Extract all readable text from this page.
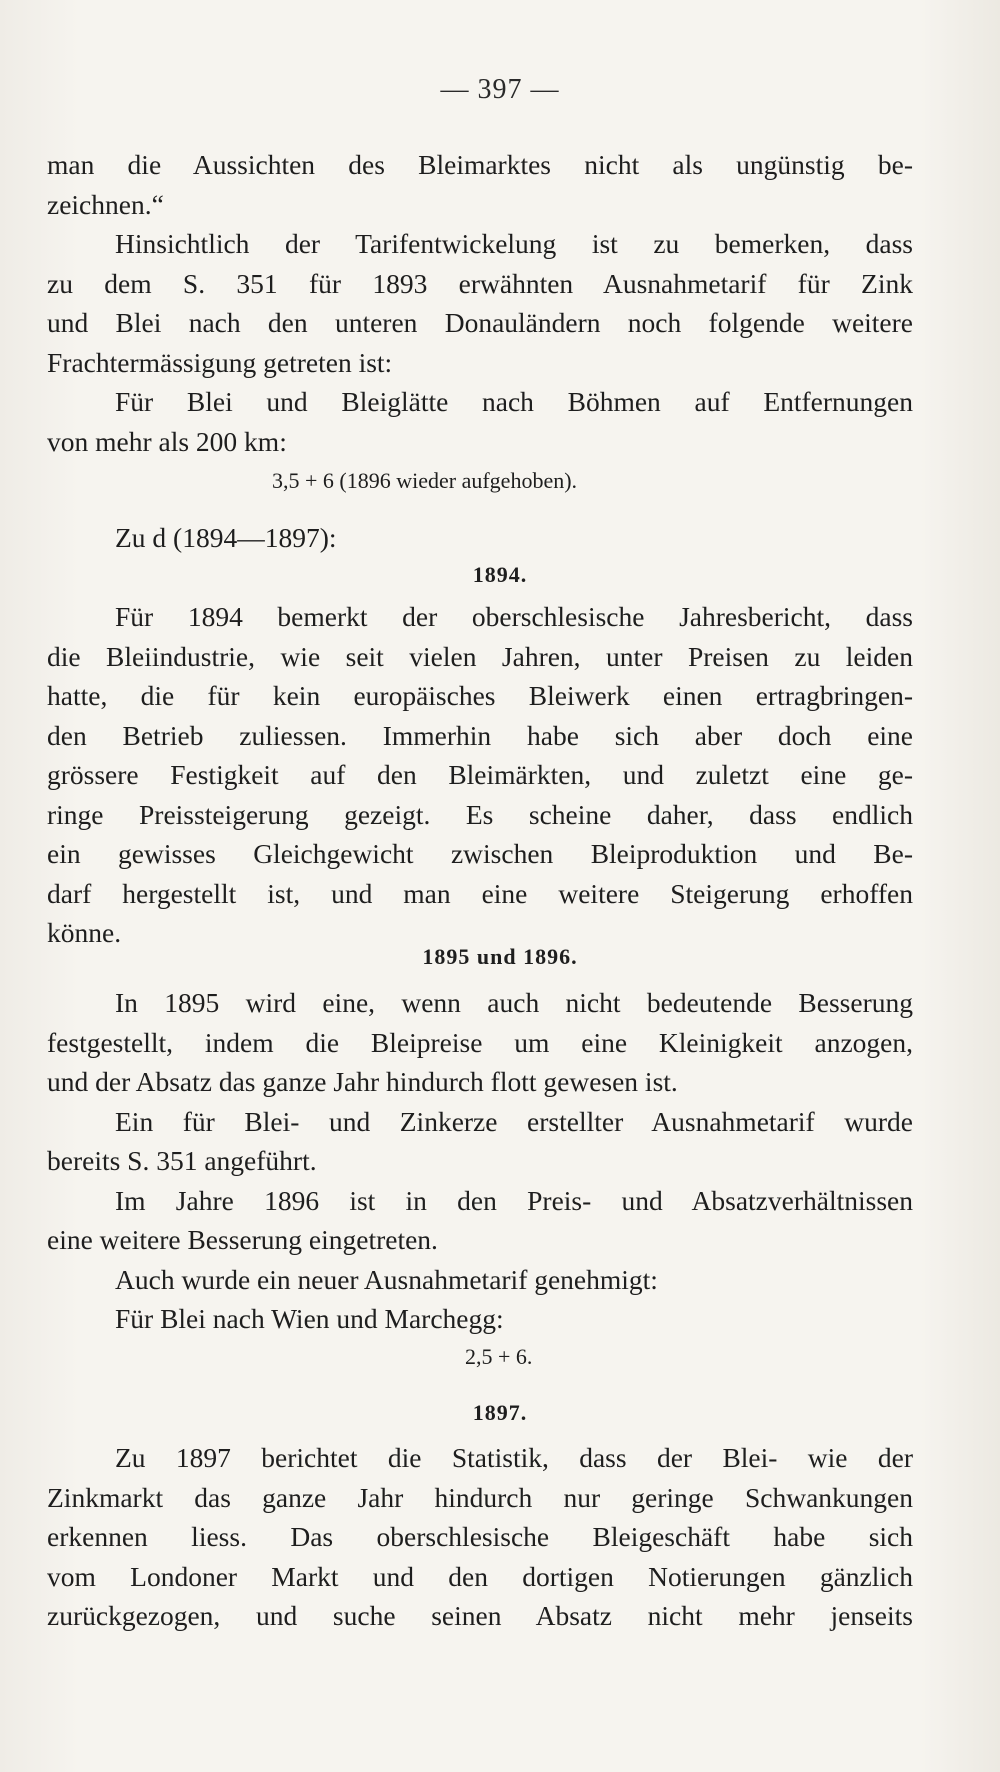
— 397 —
man die Aussichten des Bleimarktes nicht als ungünstig be-
zeichnen.“
Hinsichtlich der Tarifentwickelung ist zu bemerken, dass
zu dem S. 351 für 1893 erwähnten Ausnahmetarif für Zink
und Blei nach den unteren Donauländern noch folgende weitere
Frachtermässigung getreten ist:
Für Blei und Bleiglätte nach Böhmen auf Entfernungen
von mehr als 200 km:
3,5 + 6 (1896 wieder aufgehoben).
Zu d (1894—1897):
1894.
Für 1894 bemerkt der oberschlesische Jahresbericht, dass
die Bleiindustrie, wie seit vielen Jahren, unter Preisen zu leiden
hatte, die für kein europäisches Bleiwerk einen ertragbringen-
den Betrieb zuliessen. Immerhin habe sich aber doch eine
grössere Festigkeit auf den Bleimärkten, und zuletzt eine ge-
ringe Preissteigerung gezeigt. Es scheine daher, dass endlich
ein gewisses Gleichgewicht zwischen Bleiproduktion und Be-
darf hergestellt ist, und man eine weitere Steigerung erhoffen
könne.
1895 und 1896.
In 1895 wird eine, wenn auch nicht bedeutende Besserung
festgestellt, indem die Bleipreise um eine Kleinigkeit anzogen,
und der Absatz das ganze Jahr hindurch flott gewesen ist.
Ein für Blei- und Zinkerze erstellter Ausnahmetarif wurde
bereits S. 351 angeführt.
Im Jahre 1896 ist in den Preis- und Absatzverhältnissen
eine weitere Besserung eingetreten.
Auch wurde ein neuer Ausnahmetarif genehmigt:
Für Blei nach Wien und Marchegg:
2,5 + 6.
1897.
Zu 1897 berichtet die Statistik, dass der Blei- wie der
Zinkmarkt das ganze Jahr hindurch nur geringe Schwankungen
erkennen liess. Das oberschlesische Bleigeschäft habe sich
vom Londoner Markt und den dortigen Notierungen gänzlich
zurückgezogen, und suche seinen Absatz nicht mehr jenseits
